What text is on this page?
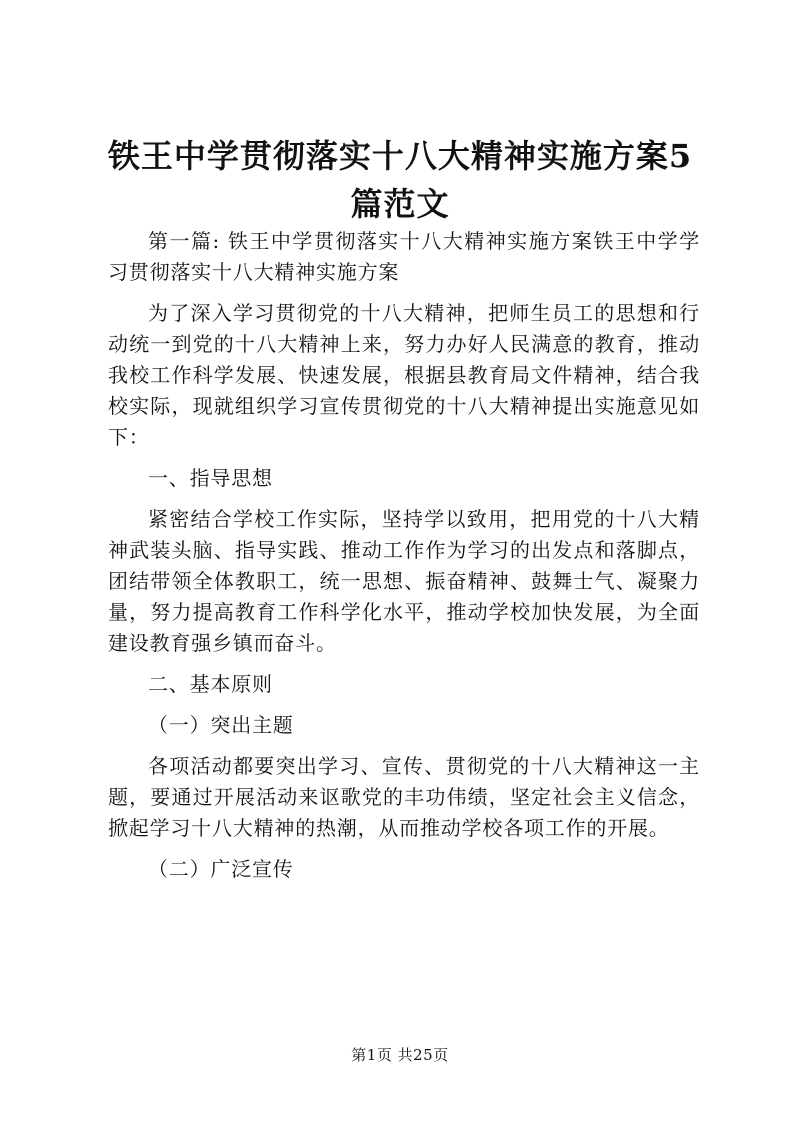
铁王中学贯彻落实十八大精神实施方案5篇范文

第一篇: 铁王中学贯彻落实十八大精神实施方案铁王中学学习贯彻落实十八大精神实施方案

为了深入学习贯彻党的十八大精神，把师生员工的思想和行动统一到党的十八大精神上来，努力办好人民满意的教育，推动我校工作科学发展、快速发展，根据县教育局文件精神，结合我校实际，现就组织学习宣传贯彻党的十八大精神提出实施意见如下：

一、指导思想

紧密结合学校工作实际，坚持学以致用，把用党的十八大精神武装头脑、指导实践、推动工作作为学习的出发点和落脚点，团结带领全体教职工，统一思想、振奋精神、鼓舞士气、凝聚力量，努力提高教育工作科学化水平，推动学校加快发展，为全面建设教育强乡镇而奋斗。

二、基本原则

（一）突出主题

各项活动都要突出学习、宣传、贯彻党的十八大精神这一主题，要通过开展活动来讴歌党的丰功伟绩，坚定社会主义信念，掀起学习十八大精神的热潮，从而推动学校各项工作的开展。

（二）广泛宣传

第1页 共25页
